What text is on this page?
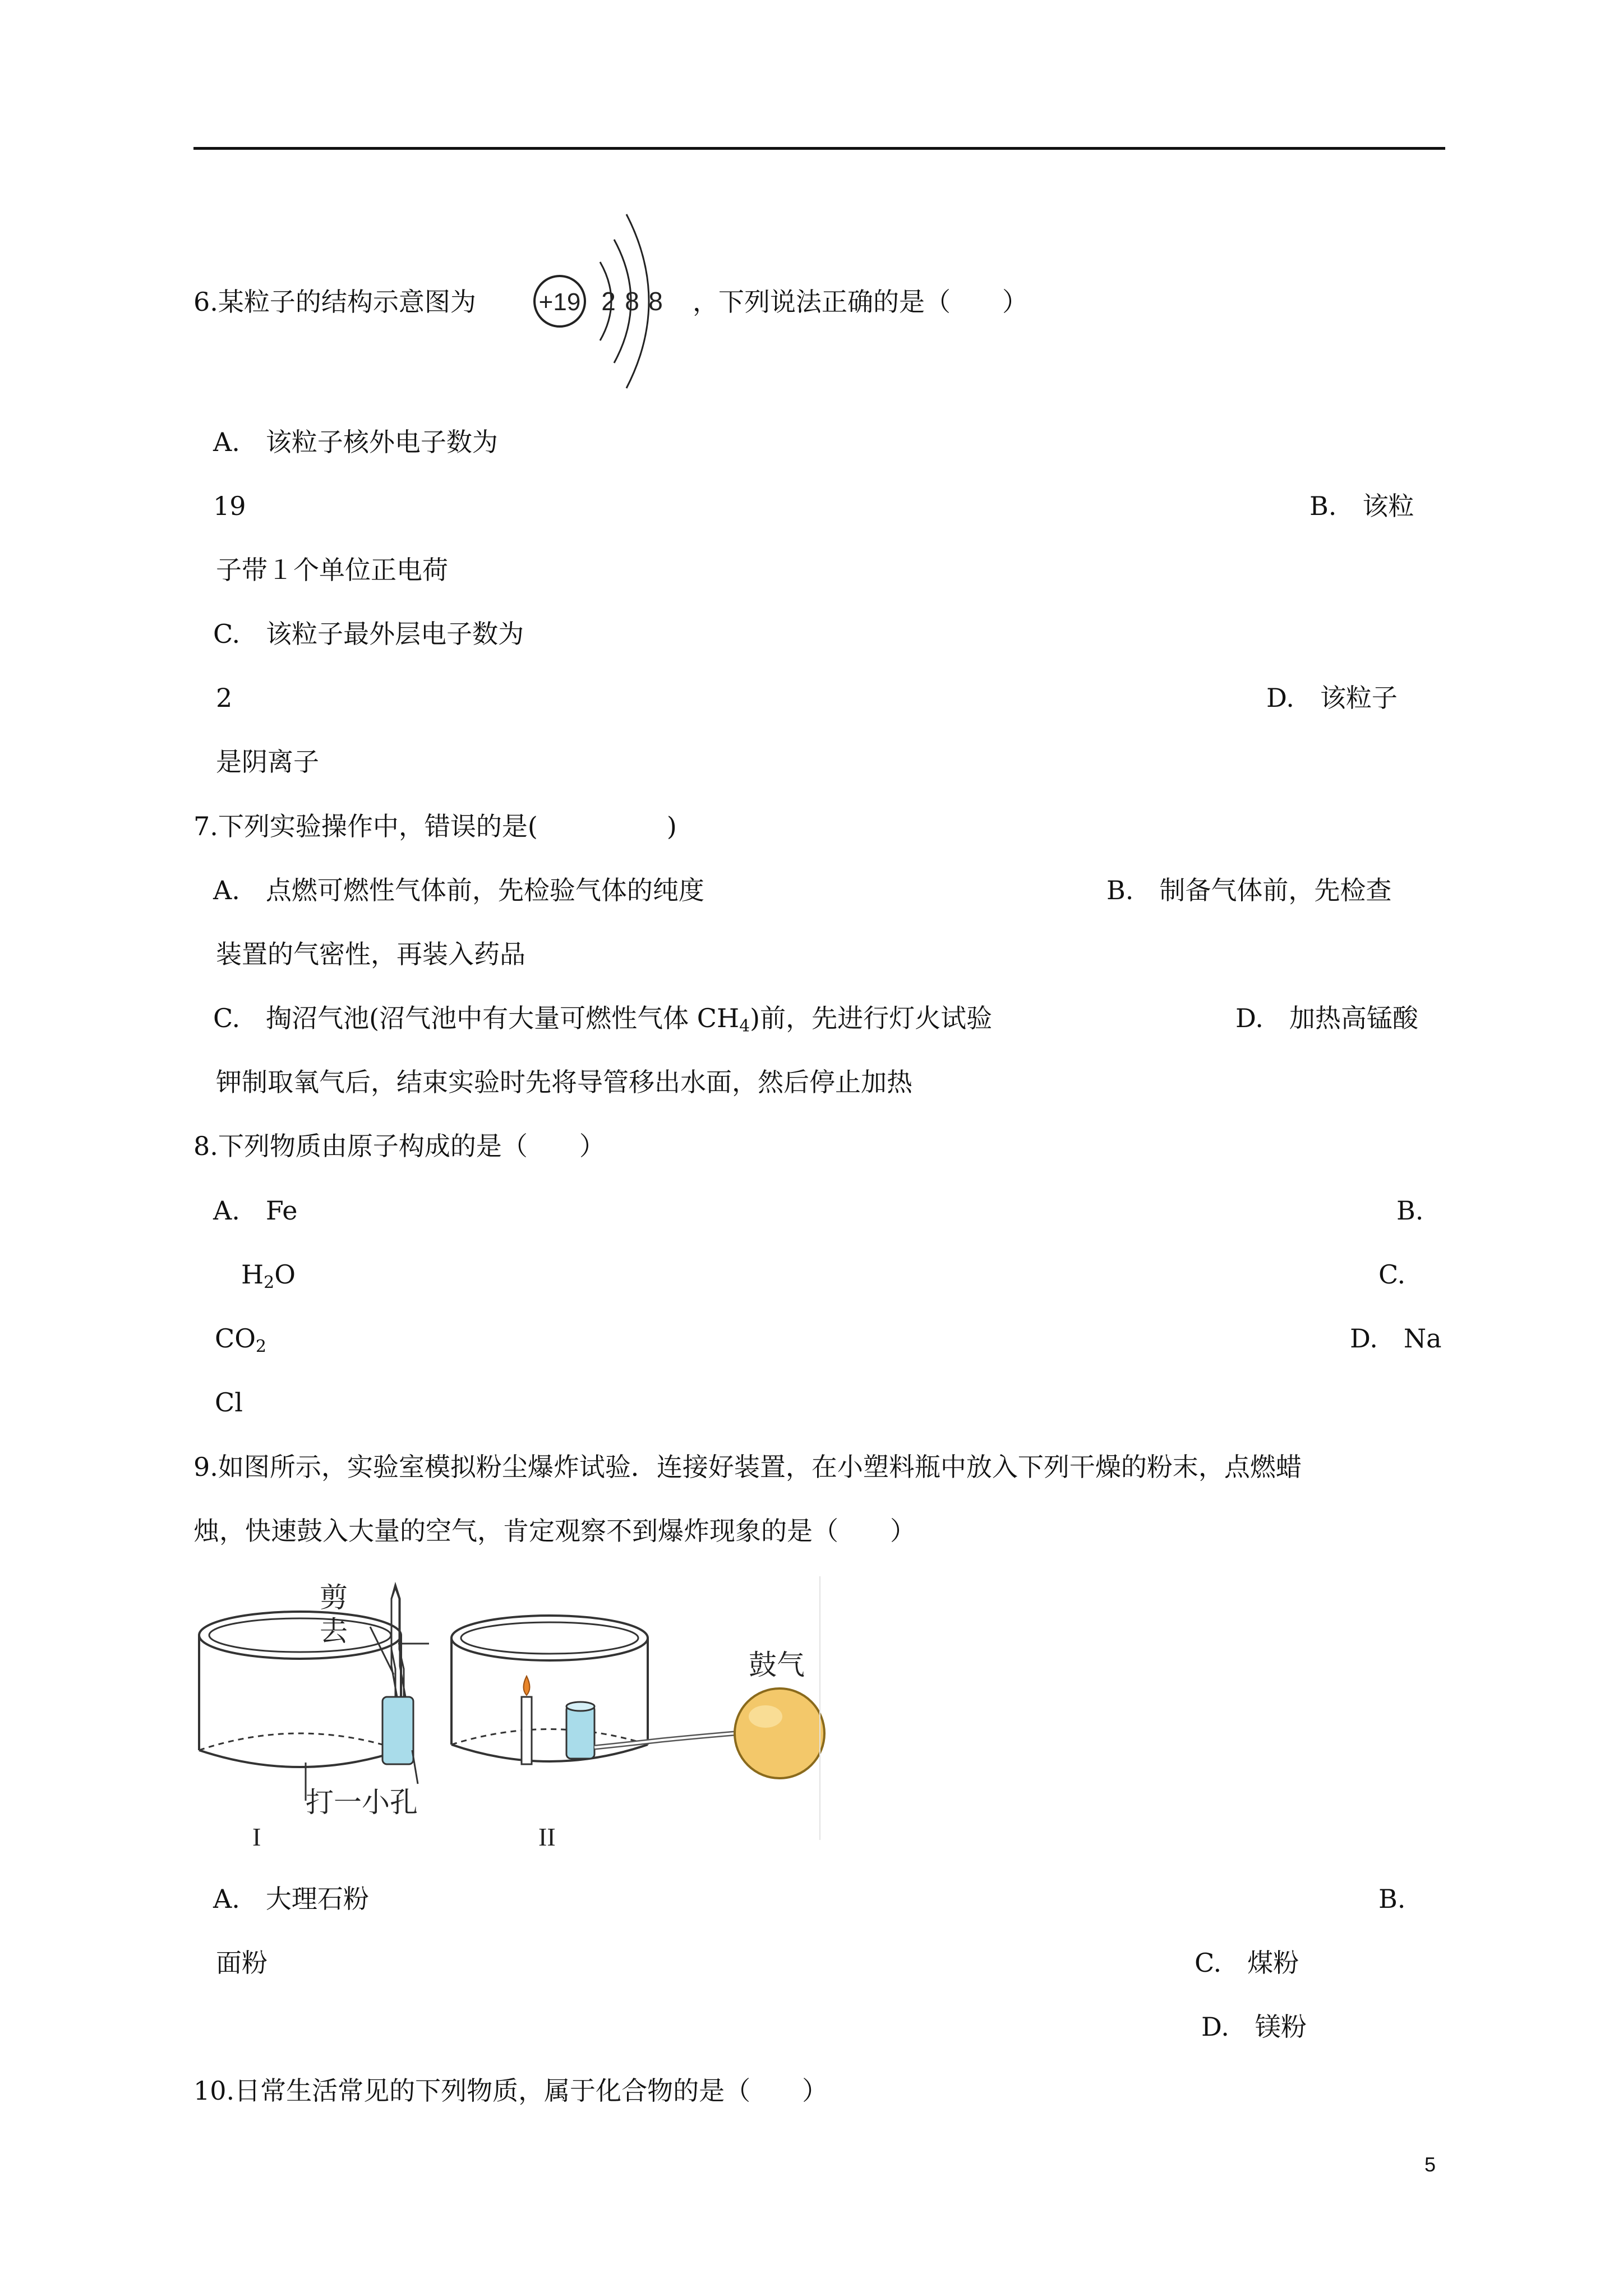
6.某粒子的结构示意图为	+19 2 8 8 ，下列说法正确的是（　　）
A.　该粒子核外电子数为
19	B.　该粒
子带１个单位正电荷
C.　该粒子最外层电子数为
2	D.　该粒子
是阴离子
7.下列实验操作中，错误的是(　　　　　)
A.　点燃可燃性气体前，先检验气体的纯度	B.　制备气体前，先检查
装置的气密性，再装入药品
C.　掏沼气池(沼气池中有大量可燃性气体 $CH_4$)前，先进行灯火试验	D.　加热高锰酸
钾制取氧气后，结束实验时先将导管移出水面，然后停止加热
8.下列物质由原子构成的是（　　）
A.　Fe	B.
$H_2O$	C.
$CO_2$	D.　Na
Cl
9.如图所示，实验室模拟粉尘爆炸试验．连接好装置，在小塑料瓶中放入下列干燥的粉末，点燃蜡
烛，快速鼓入大量的空气，肯定观察不到爆炸现象的是（　　）
剪
去
打一小孔
I
鼓气
II
A.　大理石粉	B.
面粉	C.　煤粉
D.　镁粉
10.日常生活常见的下列物质，属于化合物的是（　　）
5
